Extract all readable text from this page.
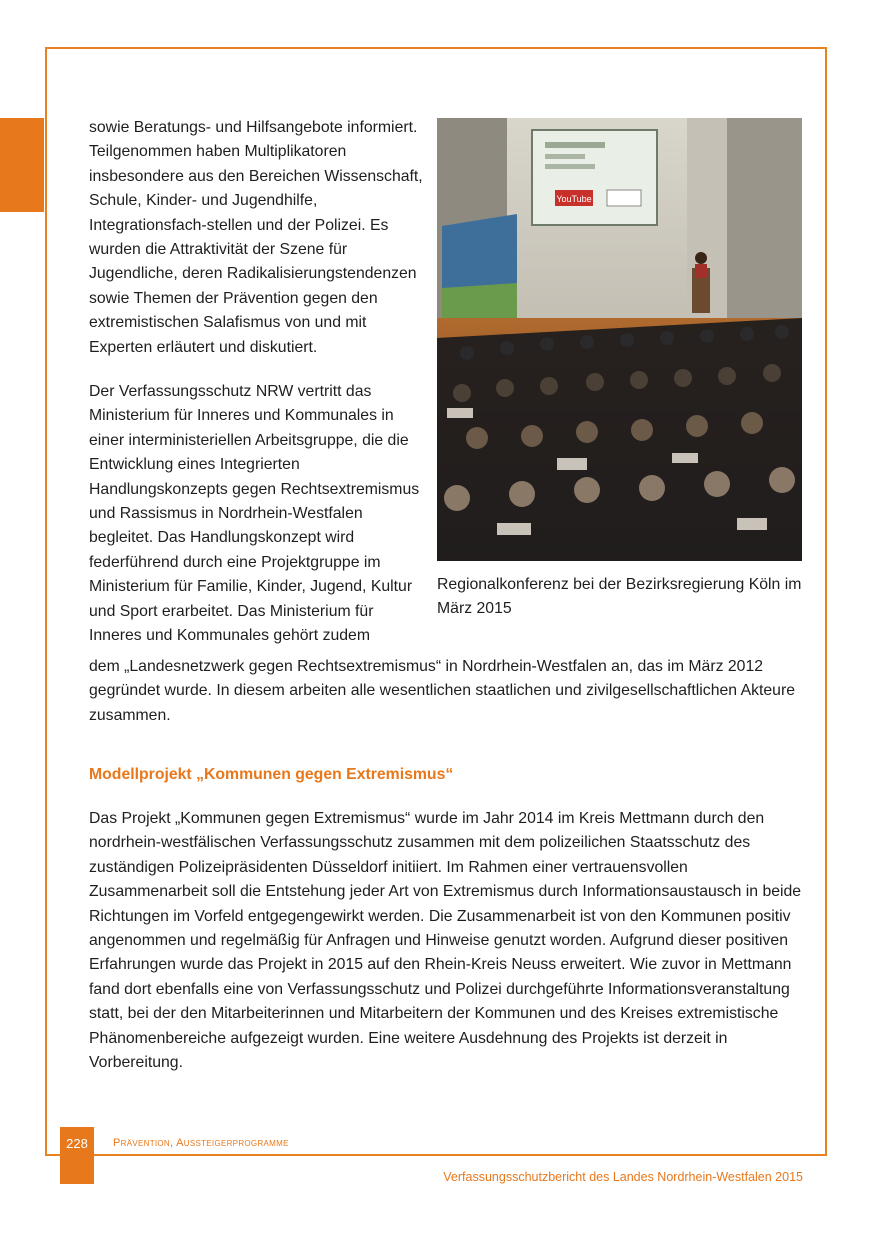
sowie Beratungs- und Hilfsangebote informiert. Teilgenommen haben Multiplikatoren insbesondere aus den Bereichen Wissenschaft, Schule, Kinder- und Jugendhilfe, Integrationsfach-stellen und der Polizei. Es wurden die Attraktivität der Szene für Jugendliche, deren Radikalisierungstendenzen sowie Themen der Prävention gegen den extremistischen Salafismus von und mit Experten erläutert und diskutiert.

Der Verfassungsschutz NRW vertritt das Ministerium für Inneres und Kommunales in einer interministeriellen Arbeitsgruppe, die die Entwicklung eines Integrierten Handlungskonzepts gegen Rechtsextremismus und Rassismus in Nordrhein-Westfalen begleitet. Das Handlungskonzept wird federführend durch eine Projektgruppe im Ministerium für Familie, Kinder, Jugend, Kultur und Sport erarbeitet. Das Ministerium für Inneres und Kommunales gehört zudem

dem „Landesnetzwerk gegen Rechtsextremismus“ in Nordrhein-Westfalen an, das im März 2012 gegründet wurde. In diesem arbeiten alle wesentlichen staatlichen und zivilgesellschaftlichen Akteure zusammen.

YouTube

Regionalkonferenz bei der Bezirksregierung Köln im März 2015

Modellprojekt „Kommunen gegen Extremismus“

Das Projekt „Kommunen gegen Extremismus“ wurde im Jahr 2014 im Kreis Mettmann durch den nordrhein-westfälischen Verfassungsschutz zusammen mit dem polizeilichen Staatsschutz des zuständigen Polizeipräsidenten Düsseldorf initiiert. Im Rahmen einer vertrauensvollen Zusammenarbeit soll die Entstehung jeder Art von Extremismus durch Informationsaustausch in beide Richtungen im Vorfeld entgegengewirkt werden. Die Zusammenarbeit ist von den Kommunen positiv angenommen und regelmäßig für Anfragen und Hinweise genutzt worden. Aufgrund dieser positiven Erfahrungen wurde das Projekt in 2015 auf den Rhein-Kreis Neuss erweitert. Wie zuvor in Mettmann fand dort ebenfalls eine von Verfassungsschutz und Polizei durchgeführte Informationsveranstaltung statt, bei der den Mitarbeiterinnen und Mitarbeitern der Kommunen und des Kreises extremistische Phänomenbereiche aufgezeigt wurden. Eine weitere Ausdehnung des Projekts ist derzeit in Vorbereitung.

228	Prävention, Aussteigerprogramme
Verfassungsschutzbericht des Landes Nordrhein-Westfalen 2015
